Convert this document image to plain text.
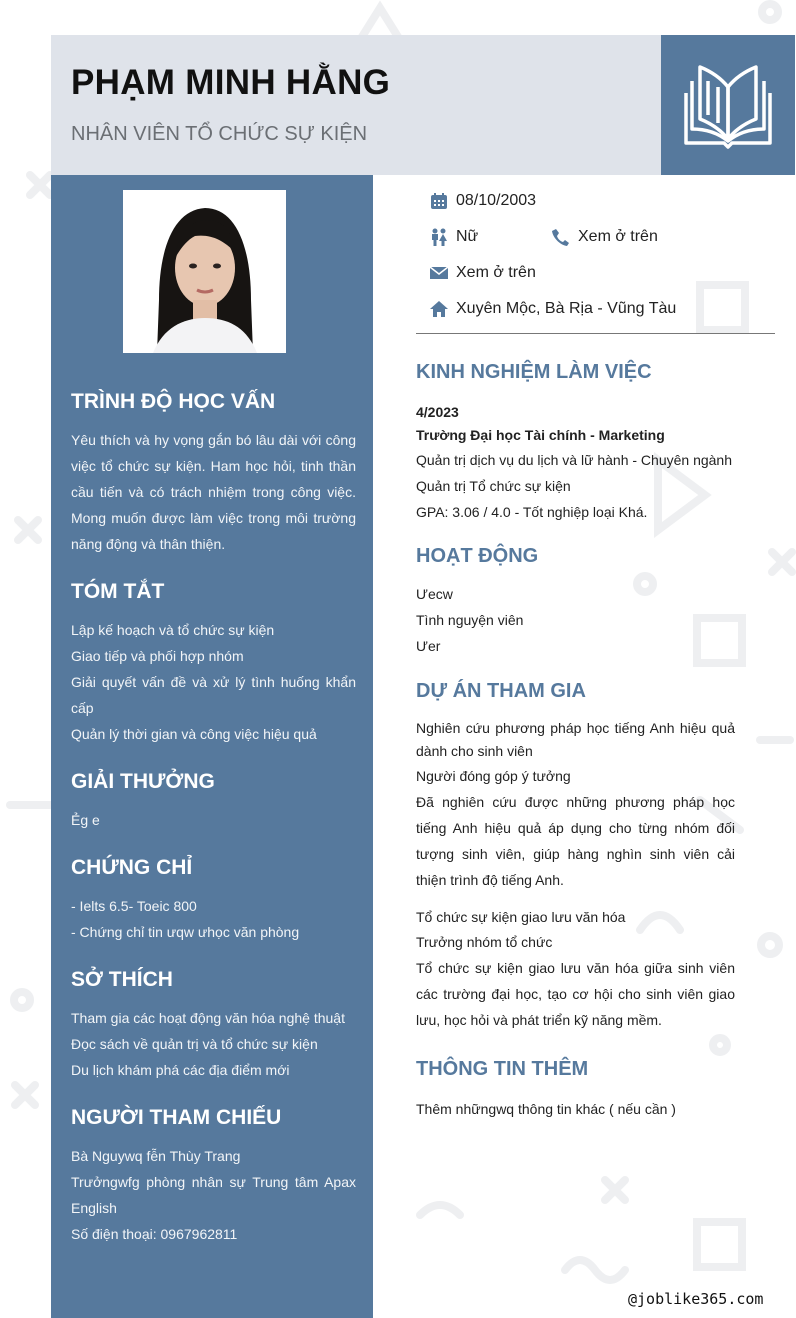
PHẠM MINH HẰNG
NHÂN VIÊN TỔ CHỨC SỰ KIỆN
TRÌNH ĐỘ HỌC VẤN

Yêu thích và hy vọng gắn bó lâu dài với công việc tổ chức sự kiện. Ham học hỏi, tinh thần cầu tiến và có trách nhiệm trong công việc. Mong muốn được làm việc trong môi trường năng động và thân thiện.

TÓM TẮT

Lập kế hoạch và tổ chức sự kiện

Giao tiếp và phối hợp nhóm

Giải quyết vấn đề và xử lý tình huống khẩn cấp

Quản lý thời gian và công việc hiệu quả

GIẢI THƯỞNG

Ẻg e

CHỨNG CHỈ

- Ielts 6.5- Toeic 800

- Chứng chỉ tin ưqw ưhọc văn phòng

SỞ THÍCH

Tham gia các hoạt động văn hóa nghệ thuật

Đọc sách về quản trị và tổ chức sự kiện

Du lịch khám phá các địa điểm mới

NGƯỜI THAM CHIẾU

Bà Nguywq fễn Thùy Trang

Trưởngwfg phòng nhân sự Trung tâm Apax English

Số điện thoại: 0967962811

08/10/2003
Nữ	Xem ở trên
Xem ở trên
Xuyên Mộc, Bà Rịa - Vũng Tàu
KINH NGHIỆM LÀM VIỆC

4/2023

Trường Đại học Tài chính - Marketing

Quản trị dịch vụ du lịch và lữ hành - Chuyên ngành Quản trị Tổ chức sự kiện

GPA: 3.06 / 4.0 - Tốt nghiệp loại Khá.

HOẠT ĐỘNG

Ưecw

Tình nguyện viên

Ưer

DỰ ÁN THAM GIA

Nghiên cứu phương pháp học tiếng Anh hiệu quả dành cho sinh viên

Người đóng góp ý tưởng

Đã nghiên cứu được những phương pháp học tiếng Anh hiệu quả áp dụng cho từng nhóm đối tượng sinh viên, giúp hàng nghìn sinh viên cải thiện trình độ tiếng Anh.

Tổ chức sự kiện giao lưu văn hóa

Trưởng nhóm tổ chức

Tổ chức sự kiện giao lưu văn hóa giữa sinh viên các trường đại học, tạo cơ hội cho sinh viên giao lưu, học hỏi và phát triển kỹ năng mềm.

THÔNG TIN THÊM

Thêm nhữngwq thông tin khác ( nếu cần )

@joblike365.com
